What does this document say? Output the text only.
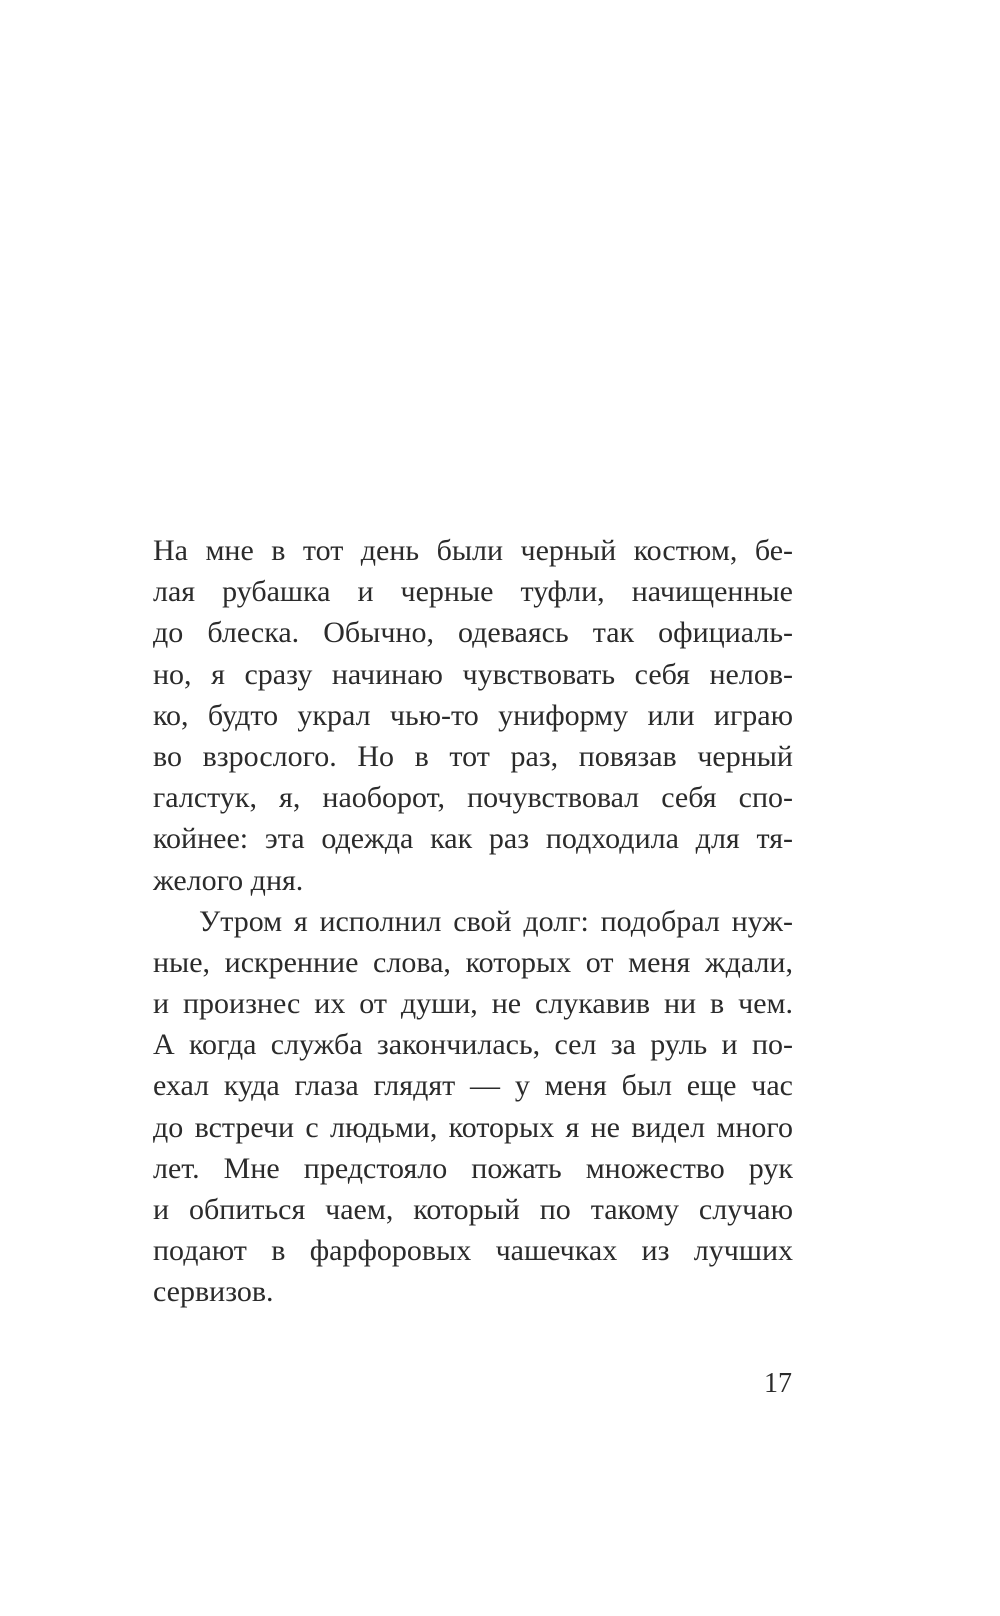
На мне в тот день были черный костюм, бе-
лая рубашка и черные туфли, начищенные
до блеска. Обычно, одеваясь так официаль-
но, я сразу начинаю чувствовать себя нелов-
ко, будто украл чью-то униформу или играю
во взрослого. Но в тот раз, повязав черный
галстук, я, наоборот, почувствовал себя спо-
койнее: эта одежда как раз подходила для тя-
желого дня.
Утром я исполнил свой долг: подобрал нуж-
ные, искренние слова, которых от меня ждали,
и произнес их от души, не слукавив ни в чем.
А когда служба закончилась, сел за руль и по-
ехал куда глаза глядят — у меня был еще час
до встречи с людьми, которых я не видел много
лет. Мне предстояло пожать множество рук
и обпиться чаем, который по такому случаю
подают в фарфоровых чашечках из лучших
сервизов.
17
